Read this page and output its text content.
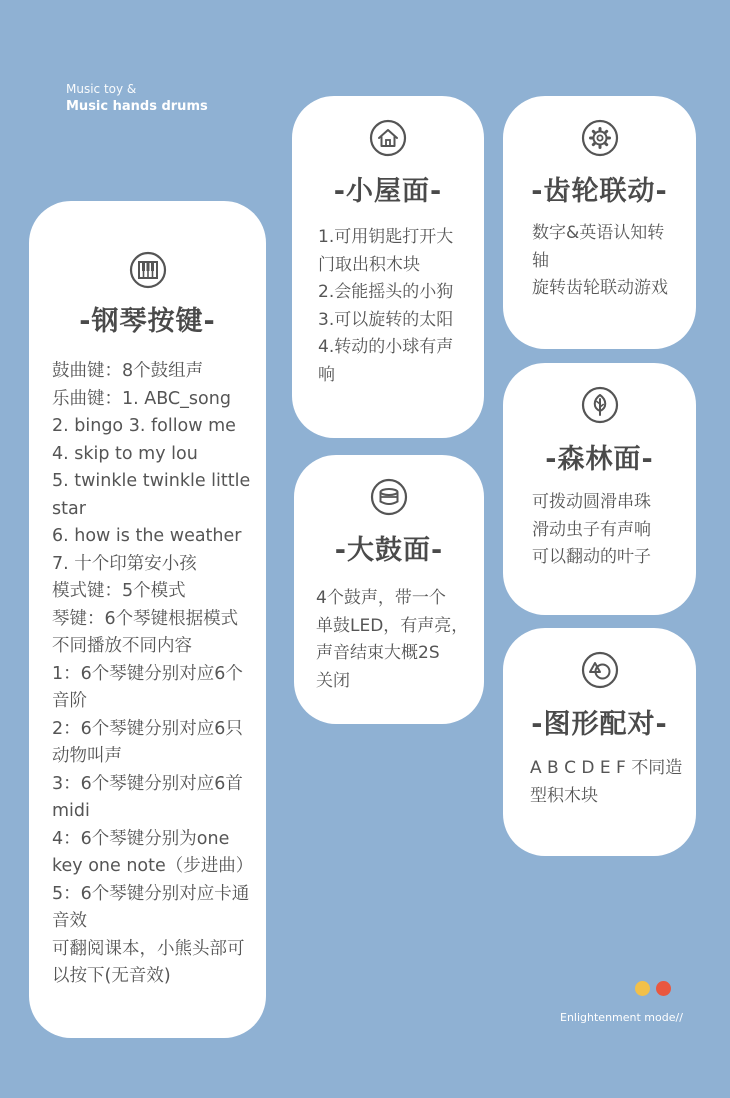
Music toy &
Music hands drums
-钢琴按键-
鼓曲键：8个鼓组声
乐曲键：1. ABC_song
2. bingo 3. follow me
4. skip to my lou
5. twinkle twinkle little
star
6. how is the weather
7. 十个印第安小孩
模式键：5个模式
琴键：6个琴键根据模式
不同播放不同内容
1：6个琴键分别对应6个
音阶
2：6个琴键分别对应6只
动物叫声
3：6个琴键分别对应6首
midi
4：6个琴键分别为one
key one note（步进曲）
5：6个琴键分别对应卡通
音效
可翻阅课本，小熊头部可
以按下(无音效)
-小屋面-
1.可用钥匙打开大
门取出积木块
2.会能摇头的小狗
3.可以旋转的太阳
4.转动的小球有声
响
-齿轮联动-
数字&英语认知转
轴
旋转齿轮联动游戏
-大鼓面-
4个鼓声，带一个
单鼓LED，有声亮，
声音结束大概2S
关闭
-森林面-
可拨动圆滑串珠
滑动虫子有声响
可以翻动的叶子
-图形配对-
A B C D E F 不同造
型积木块
Enlightenment mode//
